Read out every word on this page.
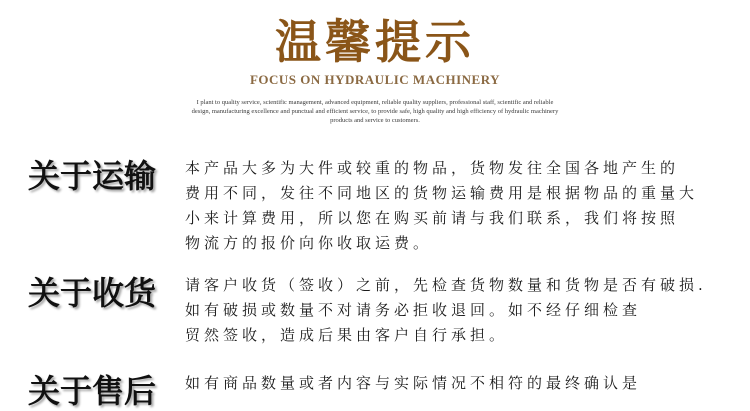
温馨提示
FOCUS ON HYDRAULIC MACHINERY
I plant to quality service, scientific management, advanced equipment, reliable quality suppliers, professional staff, scientific and reliable
design, manufacturing excellence and punctual and efficient service, to provide safe, high quality and high efficiency of hydraulic machinery
products and service to customers.
关于运输 本产品大多为大件或较重的物品，货物发往全国各地产生的
费用不同，发往不同地区的货物运输费用是根据物品的重量大
小来计算费用，所以您在购买前请与我们联系，我们将按照
物流方的报价向你收取运费。
关于收货 请客户收货（签收）之前，先检查货物数量和货物是否有破损.
如有破损或数量不对请务必拒收退回。如不经仔细检查
贸然签收，造成后果由客户自行承担。
关于售后 如有商品数量或者内容与实际情况不相符的最终确认是
